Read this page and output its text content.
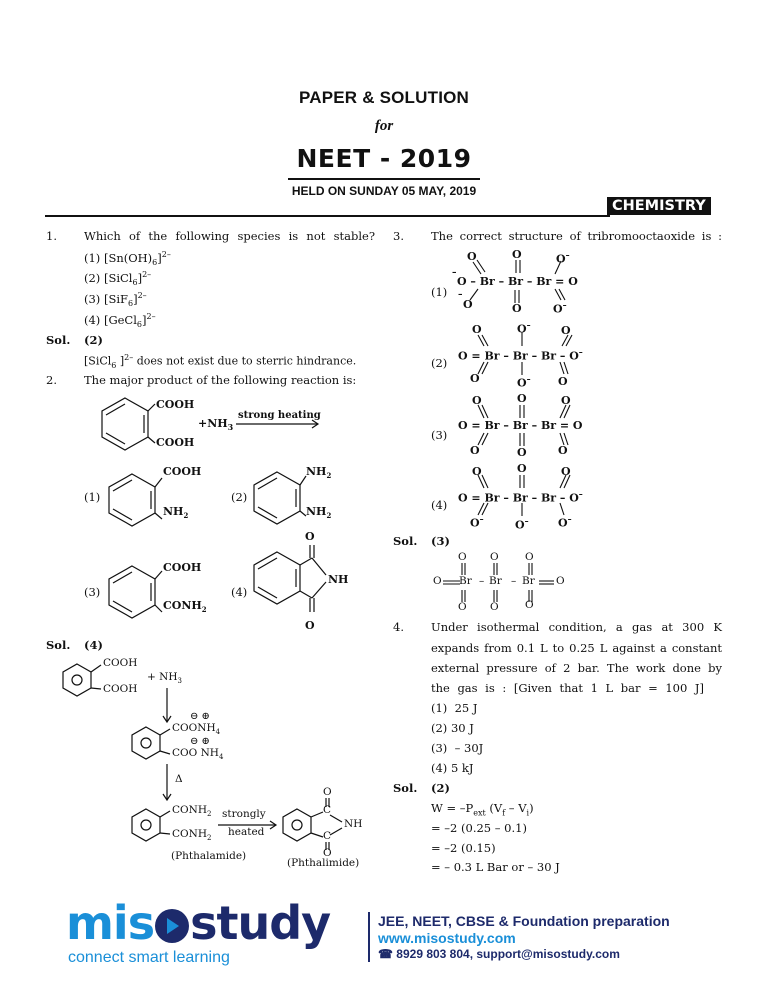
PAPER & SOLUTION
for
NEET - 2019
HELD ON SUNDAY 05 MAY, 2019
CHEMISTRY
1. Which of the following species is not stable?
(1) $[Sn(OH)_6]^{2-}$
(2) [SiCl$_6$]$^{2-}$
(3) $[SiF_6]^{2-}$
(4) [GeCl$_6$]$^{2-}$
Sol. (2)
[SiCl$_6$ ]$^{2-}$ does not exist due to sterric hindrance.
2. The major product of the following reaction is:
COOH
COOH
$+NH_3$
strong heating
(1)
COOH
$NH_2$
(2)
$NH_2$
$NH_2$
(3)
COOH
$CONH_2$
(4)
O
NH
O
Sol. (4)
COOH
COOH
+ $NH_3$
⊖ ⊕
$COONH_4$
⊖ ⊕
COO $NH_4$
Δ
$CONH_2$
$CONH_2$
strongly
heated
O
C
NH
C
O
(Phthalamide)
(Phthalimide)
3. The correct structure of tribromooctaoxide is :
(1)
O	O	O–
–
O – Br – Br – Br = O
–
O	O	O–
(2)
O	O–	O
O = Br – Br – Br – O–
O	O– O
(3)
O	O	O
O = Br – Br – Br = O
O	O	O
(4)
O	O	O
O = Br – Br – Br – O–
O–	O–	O–
Sol. (3)
O O	O
O Br – Br – Br O
O O	O
4. Under isothermal condition, a gas at 300 K
expands from 0.1 L to 0.25 L against a constant
external pressure of 2 bar. The work done by
the gas is : [Given that 1 L bar = 100 J]
(1) 25 J
(2) 30 J
(3) – 30J
(4) 5 kJ
Sol. (2)
$W = -P_{ext}$ $(V_f - V_i)$
= –2 (0.25 – 0.1)
= –2 (0.15)
= – 0.3 L Bar or – 30 J
mis study
connect smart learning
JEE, NEET, CBSE & Foundation preparation
www.misostudy.com
☎ 8929 803 804, support@misostudy.com
